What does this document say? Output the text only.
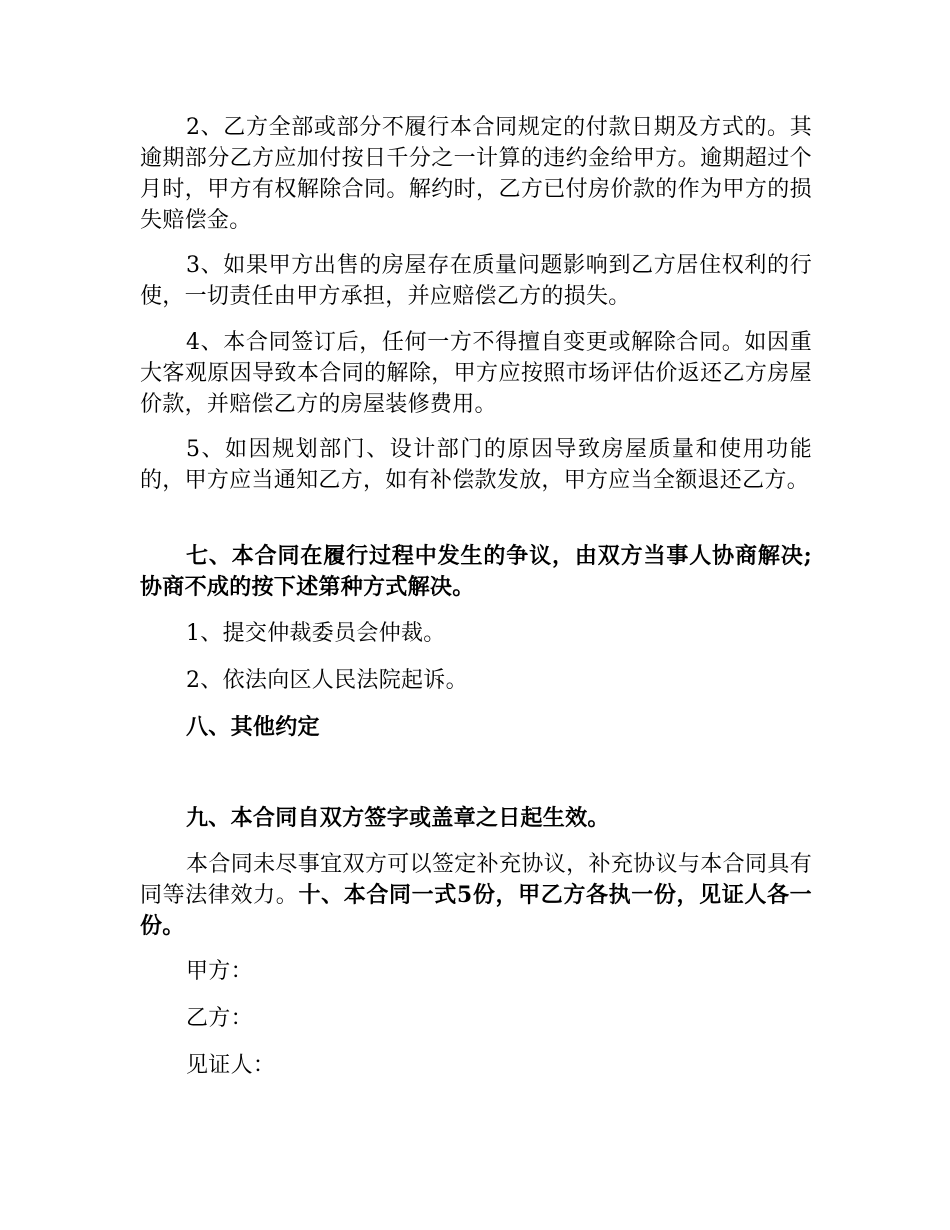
2、乙方全部或部分不履行本合同规定的付款日期及方式的。其逾期部分乙方应加付按日千分之一计算的违约金给甲方。逾期超过个月时，甲方有权解除合同。解约时，乙方已付房价款的作为甲方的损失赔偿金。

3、如果甲方出售的房屋存在质量问题影响到乙方居住权利的行使，一切责任由甲方承担，并应赔偿乙方的损失。

4、本合同签订后，任何一方不得擅自变更或解除合同。如因重大客观原因导致本合同的解除，甲方应按照市场评估价返还乙方房屋价款，并赔偿乙方的房屋装修费用。

5、如因规划部门、设计部门的原因导致房屋质量和使用功能的，甲方应当通知乙方，如有补偿款发放，甲方应当全额退还乙方。

七、本合同在履行过程中发生的争议，由双方当事人协商解决;协商不成的按下述第种方式解决。

1、提交仲裁委员会仲裁。

2、依法向区人民法院起诉。

八、其他约定

九、本合同自双方签字或盖章之日起生效。

本合同未尽事宜双方可以签定补充协议，补充协议与本合同具有同等法律效力。十、本合同一式5份，甲乙方各执一份，见证人各一份。

甲方：

乙方：

见证人：
